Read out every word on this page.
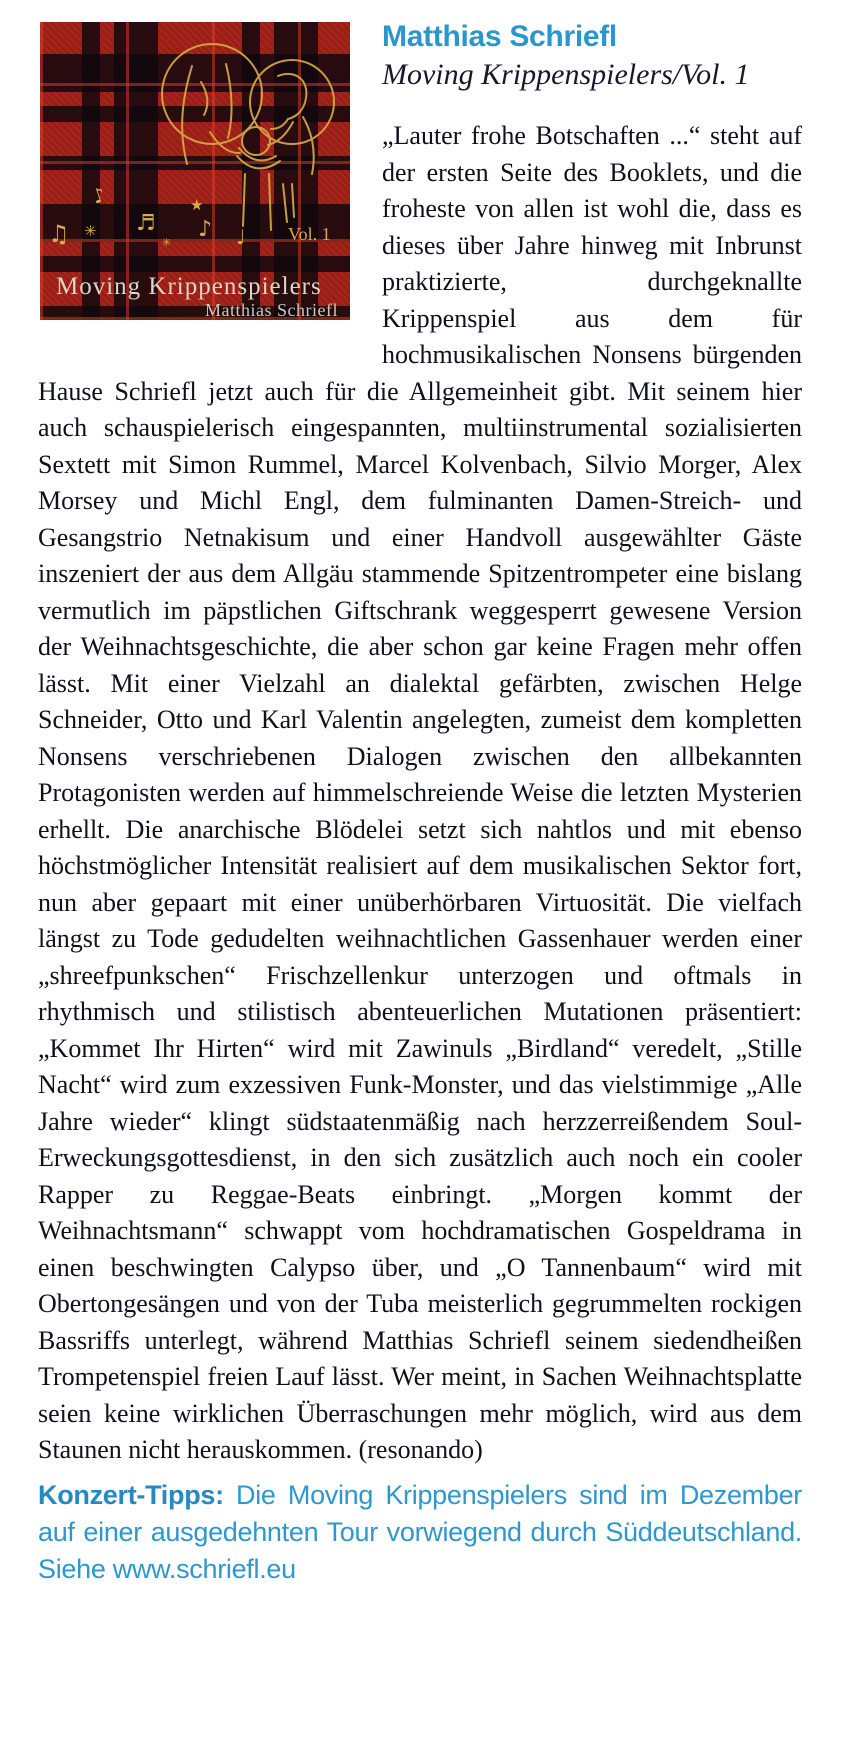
♫
♪
✳ ♬
★
♪ ♩
✳	Vol. 1
Moving Krippenspielers
Matthias Schriefl
Matthias Schriefl
Moving Krippenspielers/Vol. 1

„Lauter frohe Botschaften ...“ steht auf der ersten Seite des Booklets, und die froheste von allen ist wohl die, dass es dieses über Jahre hinweg mit Inbrunst praktizierte, durchgeknallte Krippenspiel aus dem für hochmusikalischen Nonsens bürgenden Hause Schriefl jetzt auch für die Allgemeinheit gibt. Mit seinem hier auch schauspielerisch eingespannten, multiinstrumental sozialisierten Sextett mit Simon Rummel, Marcel Kolvenbach, Silvio Morger, Alex Morsey und Michl Engl, dem fulminanten Damen-Streich- und Gesangstrio Netnakisum und einer Handvoll ausgewählter Gäste inszeniert der aus dem Allgäu stammende Spitzentrompeter eine bislang vermutlich im päpstlichen Giftschrank weggesperrt gewesene Version der Weihnachtsgeschichte, die aber schon gar keine Fragen mehr offen lässt. Mit einer Vielzahl an dialektal gefärbten, zwischen Helge Schneider, Otto und Karl Valentin angelegten, zumeist dem kompletten Nonsens verschriebenen Dialogen zwischen den allbekannten Protagonisten werden auf himmelschreiende Weise die letzten Mysterien erhellt. Die anarchische Blödelei setzt sich nahtlos und mit ebenso höchstmöglicher Intensität realisiert auf dem musikalischen Sektor fort, nun aber gepaart mit einer unüberhörbaren Virtuosität. Die vielfach längst zu Tode gedudelten weihnachtlichen Gassenhauer werden einer „shreefpunkschen“ Frischzellenkur unterzogen und oftmals in rhythmisch und stilistisch abenteuerlichen Mutationen präsentiert: „Kommet Ihr Hirten“ wird mit Zawinuls „Birdland“ veredelt, „Stille Nacht“ wird zum exzessiven Funk-Monster, und das vielstimmige „Alle Jahre wieder“ klingt südstaatenmäßig nach herzzerreißendem Soul-Erweckungsgottesdienst, in den sich zusätzlich auch noch ein cooler Rapper zu Reggae-Beats einbringt. „Morgen kommt der Weihnachtsmann“ schwappt vom hochdramatischen Gospeldrama in einen beschwingten Calypso über, und „O Tannenbaum“ wird mit Obertongesängen und von der Tuba meisterlich gegrummelten rockigen Bassriffs unterlegt, während Matthias Schriefl seinem siedendheißen Trompetenspiel freien Lauf lässt. Wer meint, in Sachen Weihnachtsplatte seien keine wirklichen Überraschungen mehr möglich, wird aus dem Staunen nicht herauskommen. (resonando)

Konzert-Tipps: Die Moving Krippenspielers sind im Dezember auf einer ausgedehnten Tour vorwiegend durch Süddeutschland. Siehe www.schriefl.eu
